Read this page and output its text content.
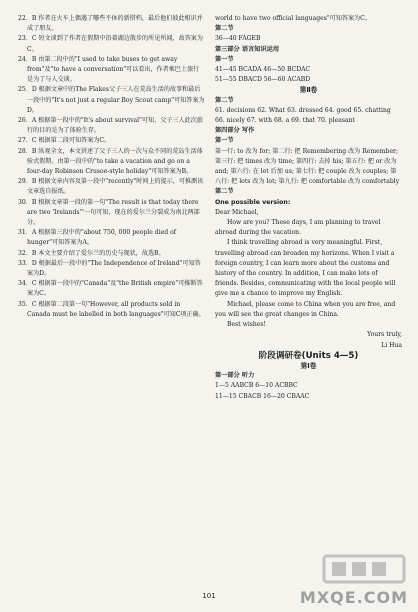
22．B 作者在火车上偶遇了哪些不休的新搭档，最后他们彼此相识并成了朋友。

23．C 短文谈到了作者在假期中沿着湖边散步的所见所闻，故答案为C。

24．B 由第二段中的"I used to take buses to get away from"及"to have a conversation"可以看出，作者乘巴士旅行是为了与人交谈。

25．D 根据文章中的The Flakes父子三人在荒岛生活的故事和最后一段中的"It's not just a regular Boy Scout camp"可知答案为D。

26．A 根据第一段中的"It's about survival"可知，父子三人此次旅行的目的是为了体验生存。

27．C 根据第二段可知答案为C。

28．B 纵观全文，本文讲述了父子三人的一次与众不同的荒岛生活体验式假期。由第一段中的"to take a vacation and go on a four-day Robinson Crusoe-style holiday"可知答案为B。

29．B 根据文章内容及第一段中"recently"时间上的提示，可推测该文章选自报纸。

30．B 根据文章第一段的第一句"The result is that today there are two 'Irelands'"一句可知，现在的爱尔兰分裂成为南北两部分。

31．A 根据第三段中的"about 750, 000 people died of hunger"可知答案为A。

32．B 本文主要介绍了爱尔兰的历史与现状，故选B。

33．D 根据最后一段中的"The Independence of Ireland"可知答案为D。

34．C 根据第一段中的"Canada"及"the British empire"可推断答案为C。

35．C 根据第二段第一句"However, all products sold in Canada must be labelled in both languages"可知C项正确。

world to have two official languages"可知答案为C。

第二节

36—40 FAGEB

第三部分 语言知识运用

第一节

41—45 BCADA 46—50 BCDAC

51—55 DBACD 56—60 ACABD

第Ⅱ卷

第二节

61. decisions 62. What 63. dressed 64. good 65. chatting 66. nicely 67. with 68. a 69. that 70. pleasant

第四部分 写作

第一节

第一行: to 改为 for; 第二行: 把 Remembering 改为 Remember; 第三行: 把 times 改为 time; 第四行: 去掉 his; 第五行: 把 or 改为 and; 第六行: 在 let 后加 us; 第七行: 把 couple 改为 couples; 第八行: 把 lots 改为 lot; 第九行: 把 comfortable 改为 comfortably

第二节

One possible version:

Dear Michael,

How are you? These days, I am planning to travel abroad during the vacation.

I think travelling abroad is very meaningful. First, travelling abroad can broaden my horizons. When I visit a foreign country, I can learn more about the customs and history of the country. In addition, I can make lots of friends. Besides, communicating with the local people will give me a chance to improve my English.

Michael, please come to China when you are free, and you will see the great changes in China.

Best wishes!

Yours truly,

Li Hua

阶段调研卷(Units 4—5)

第Ⅰ卷

第一部分 听力

1—5 AABCB 6—10 ACBBC

11—15 CBACB 16—20 CBAAC

101	MXQE.COM
